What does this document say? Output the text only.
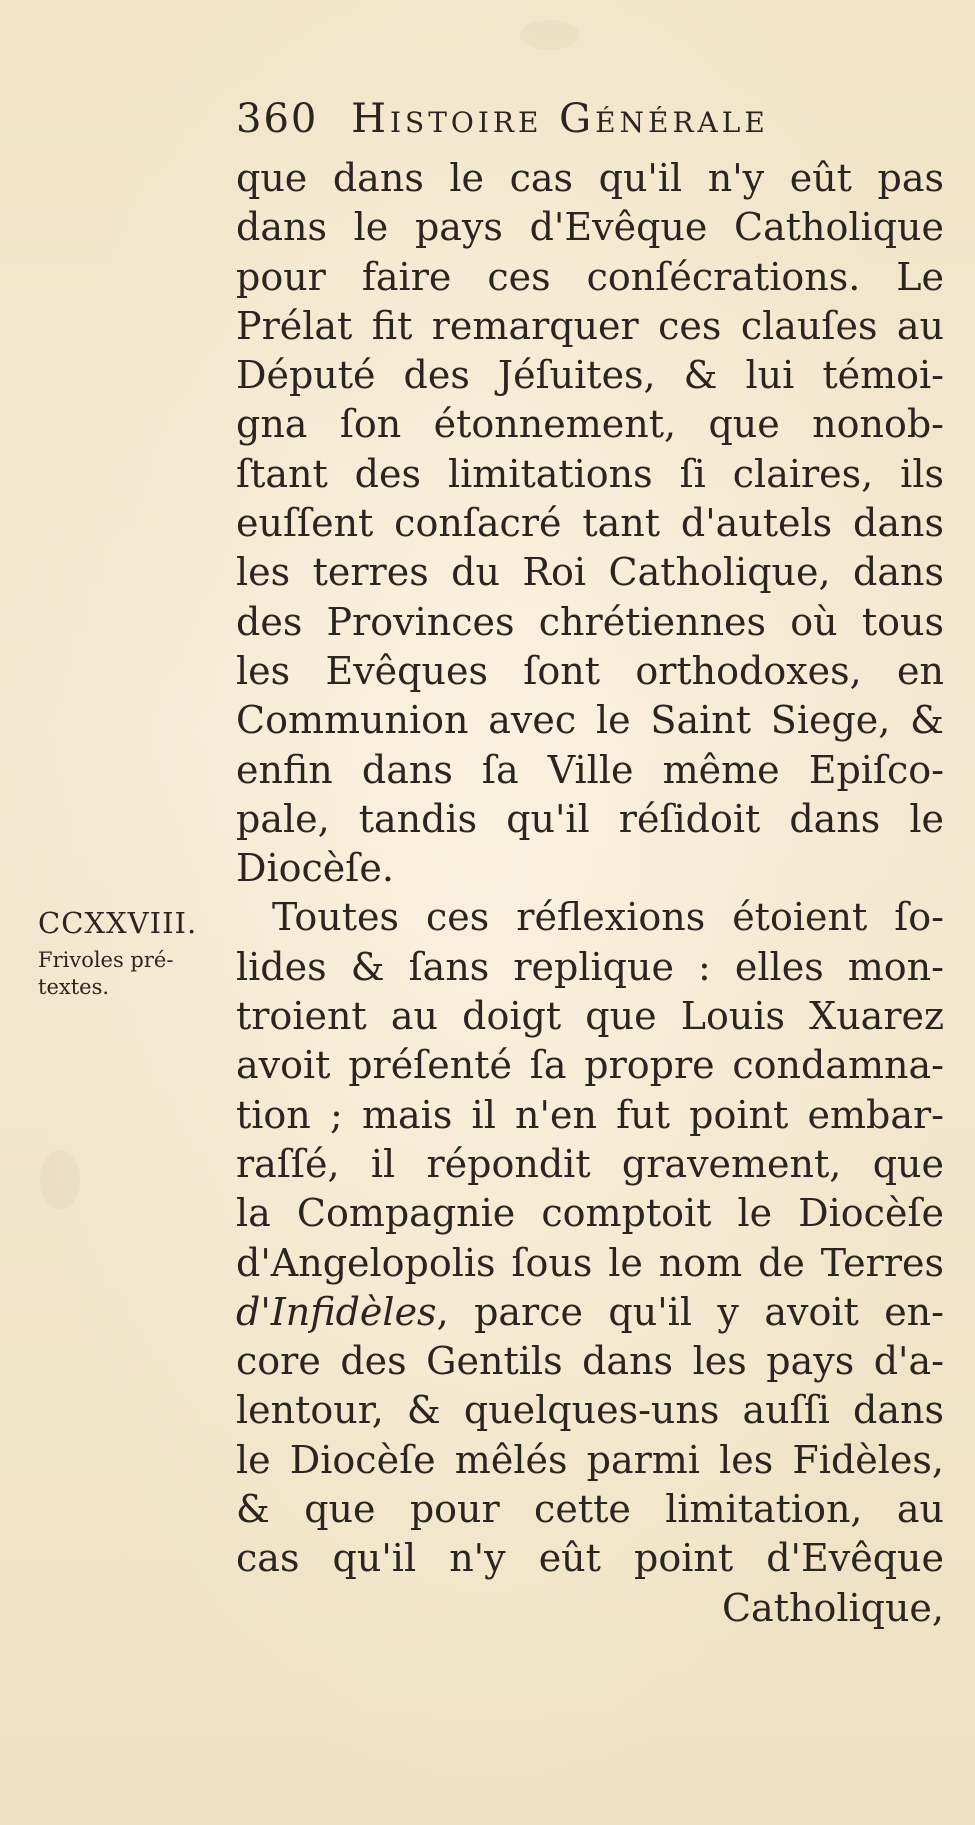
360 Histoire Générale
CCXXVIII.
Frivoles pré-textes.
que dans le cas qu'il n'y eût pas
dans le pays d'Evêque Catholique
pour faire ces conſécrations. Le
Prélat fit remarquer ces clauſes au
Député des Jéſuites, & lui témoi-
gna ſon étonnement, que nonob-
ſtant des limitations ſi claires, ils
euſſent conſacré tant d'autels dans
les terres du Roi Catholique, dans
des Provinces chrétiennes où tous
les Evêques ſont orthodoxes, en
Communion avec le Saint Siege, &
enfin dans ſa Ville même Epiſco-
pale, tandis qu'il réſidoit dans le
Diocèſe.
Toutes ces réflexions étoient ſo-
lides & ſans replique : elles mon-
troient au doigt que Louis Xuarez
avoit préſenté ſa propre condamna-
tion ; mais il n'en fut point embar-
raſſé, il répondit gravement, que
la Compagnie comptoit le Diocèſe
d'Angelopolis ſous le nom de Terres
d'Infidèles, parce qu'il y avoit en-
core des Gentils dans les pays d'a-
lentour, & quelques-uns auſſi dans
le Diocèſe mêlés parmi les Fidèles,
& que pour cette limitation, au
cas qu'il n'y eût point d'Evêque
Catholique,
